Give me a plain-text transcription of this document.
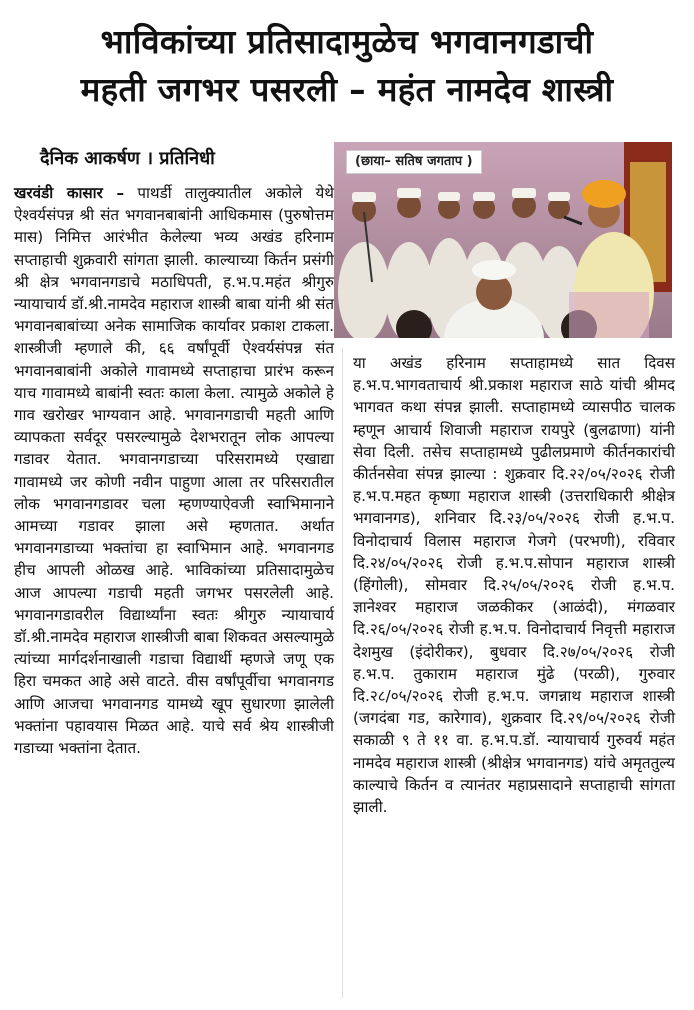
भाविकांच्या प्रतिसादामुळेच भगवानगडाची
महती जगभर पसरली – महंत नामदेव शास्त्री
दैनिक आकर्षण । प्रतिनिधी

खरवंडी कासार – पाथर्डी तालुक्यातील अकोले येथे ऐश्वर्यसंपन्न श्री संत भगवानबाबांनी आधिकमास (पुरुषोत्तम मास) निमित्त आरंभीत केलेल्या भव्य अखंड हरिनाम सप्ताहाची शुक्रवारी सांगता झाली. काल्याच्या किर्तन प्रसंगी श्री क्षेत्र भगवानगडाचे मठाधिपती, ह.भ.प.महंत श्रीगुरु न्यायाचार्य डॉ.श्री.नामदेव महाराज शास्त्री बाबा यांनी श्री संत भगवानबाबांच्या अनेक सामाजिक कार्यावर प्रकाश टाकला. शास्त्रीजी म्हणाले की, ६६ वर्षांपूर्वी ऐश्वर्यसंपन्न संत भगवानबाबांनी अकोले गावामध्ये सप्ताहाचा प्रारंभ करून याच गावामध्ये बाबांनी स्वतः काला केला. त्यामुळे अकोले हे गाव खरोखर भाग्यवान आहे. भगवानगडाची महती आणि व्यापकता सर्वदूर पसरल्यामुळे देशभरातून लोक आपल्या गडावर येतात. भगवानगडाच्या परिसरामध्ये एखाद्या गावामध्ये जर कोणी नवीन पाहुणा आला तर परिसरातील लोक भगवानगडावर चला म्हणण्याऐवजी स्वाभिमानाने आमच्या गडावर झाला असे म्हणतात. अर्थात भगवानगडाच्या भक्तांचा हा स्वाभिमान आहे. भगवानगड हीच आपली ओळख आहे. भाविकांच्या प्रतिसादामुळेच आज आपल्या गडाची महती जगभर पसरलेली आहे. भगवानगडावरील विद्यार्थ्यांना स्वतः श्रीगुरु न्यायाचार्य डॉ.श्री.नामदेव महाराज शास्त्रीजी बाबा शिकवत असल्यामुळे त्यांच्या मार्गदर्शनाखाली गडाचा विद्यार्थी म्हणजे जणू एक हिरा चमकत आहे असे वाटते. वीस वर्षांपूर्वीचा भगवानगड आणि आजचा भगवानगड यामध्ये खूप सुधारणा झालेली भक्तांना पहावयास मिळत आहे. याचे सर्व श्रेय शास्त्रीजी गडाच्या भक्तांना देतात.

(छाया– सतिष जगताप )

या अखंड हरिनाम सप्ताहामध्ये सात दिवस ह.भ.प.भागवताचार्य श्री.प्रकाश महाराज साठे यांची श्रीमद भागवत कथा संपन्न झाली. सप्ताहामध्ये व्यासपीठ चालक म्हणून आचार्य शिवाजी महाराज रायपुरे (बुलढाणा) यांनी सेवा दिली. तसेच सप्ताहामध्ये पुढीलप्रमाणे कीर्तनकारांची कीर्तनसेवा संपन्न झाल्या : शुक्रवार दि.२२/०५/२०२६ रोजी ह.भ.प.महत कृष्णा महाराज शास्त्री (उत्तराधिकारी श्रीक्षेत्र भगवानगड), शनिवार दि.२३/०५/२०२६ रोजी ह.भ.प. विनोदाचार्य विलास महाराज गेजगे (परभणी), रविवार दि.२४/०५/२०२६ रोजी ह.भ.प.सोपान महाराज शास्त्री (हिंगोली), सोमवार दि.२५/०५/२०२६ रोजी ह.भ.प. ज्ञानेश्वर महाराज जळकीकर (आळंदी), मंगळवार दि.२६/०५/२०२६ रोजी ह.भ.प. विनोदाचार्य निवृत्ती महाराज देशमुख (इंदोरीकर), बुधवार दि.२७/०५/२०२६ रोजी ह.भ.प. तुकाराम महाराज मुंढे (परळी), गुरुवार दि.२८/०५/२०२६ रोजी ह.भ.प. जगन्नाथ महाराज शास्त्री (जगदंबा गड, कारेगाव), शुक्रवार दि.२९/०५/२०२६ रोजी सकाळी ९ ते ११ वा. ह.भ.प.डॉ. न्यायाचार्य गुरुवर्य महंत नामदेव महाराज शास्त्री (श्रीक्षेत्र भगवानगड) यांचे अमृततुल्य काल्याचे किर्तन व त्यानंतर महाप्रसादाने सप्ताहाची सांगता झाली.
